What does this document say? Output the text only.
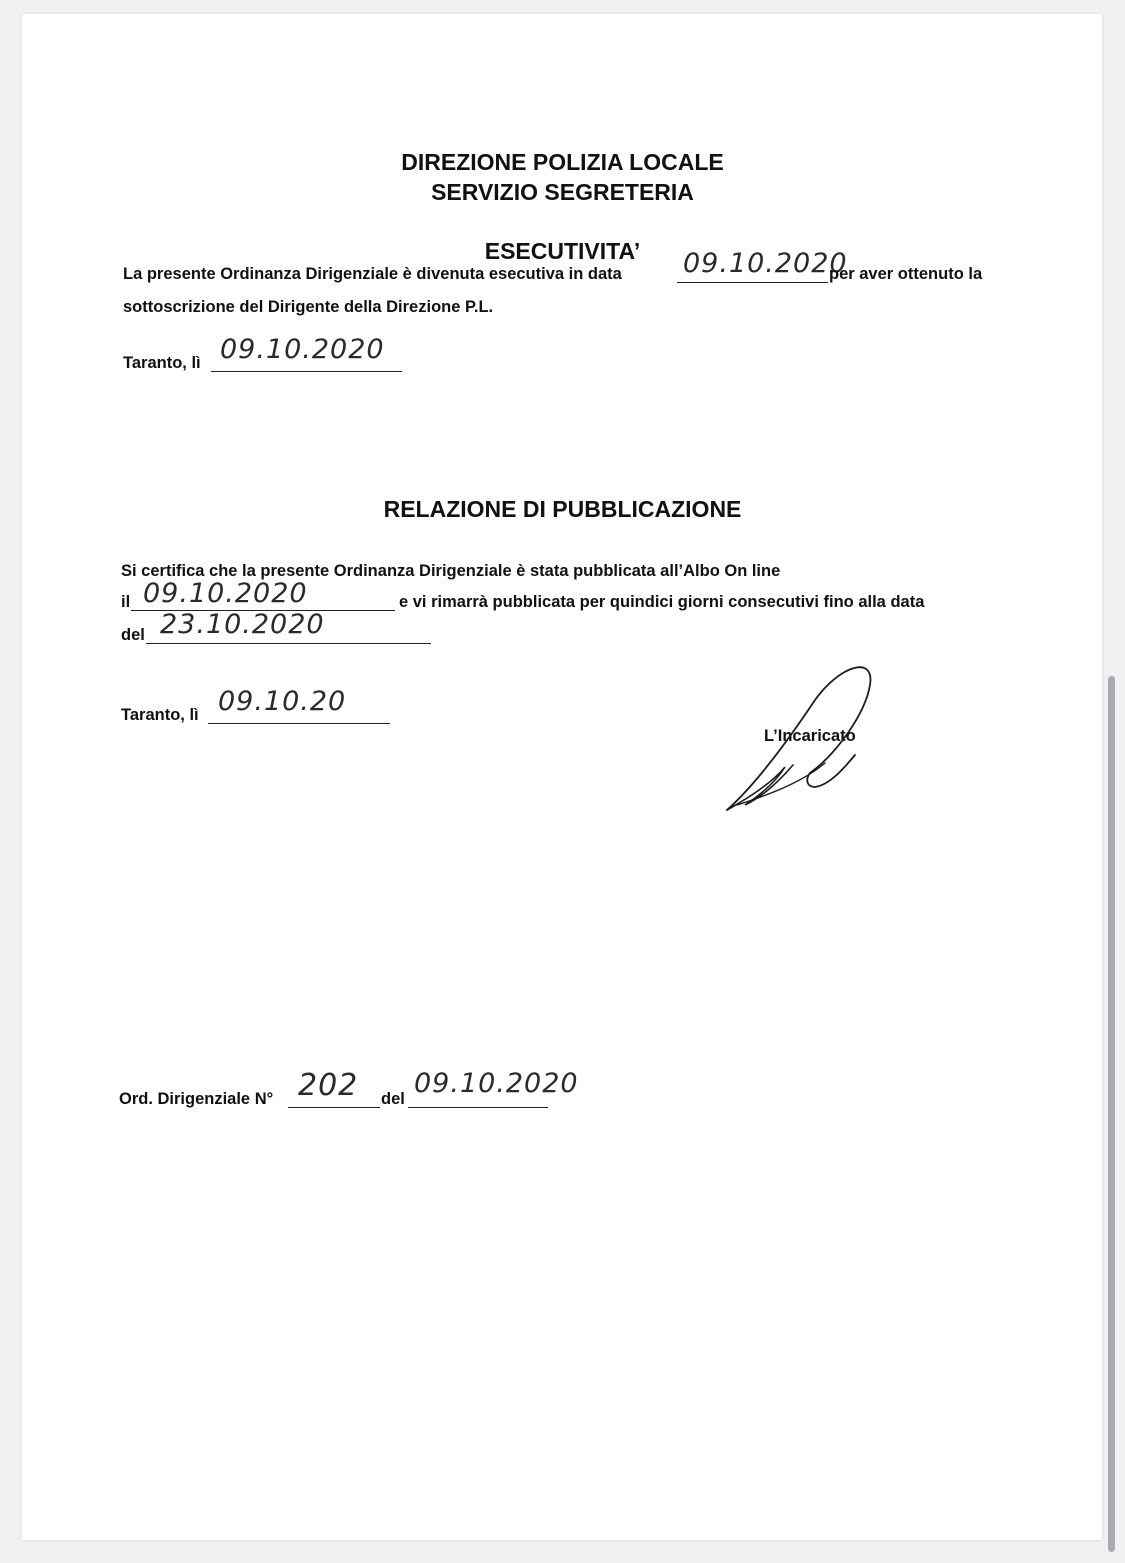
DIREZIONE POLIZIA LOCALE
SERVIZIO SEGRETERIA
ESECUTIVITA’
La presente Ordinanza Dirigenziale è divenuta esecutiva in data 09.10.2020
per aver ottenuto la
sottoscrizione del Dirigente della Direzione P.L.
Taranto, lì 09.10.2020
RELAZIONE DI PUBBLICAZIONE
Si certifica che la presente Ordinanza Dirigenziale è stata pubblicata all’Albo On line
il 09.10.2020	e vi rimarrà pubblicata per quindici giorni consecutivi fino alla data
del 23.10.2020
Taranto, lì 09.10.20
L’Incaricato
Ord. Dirigenziale N° 202 del 09.10.2020
